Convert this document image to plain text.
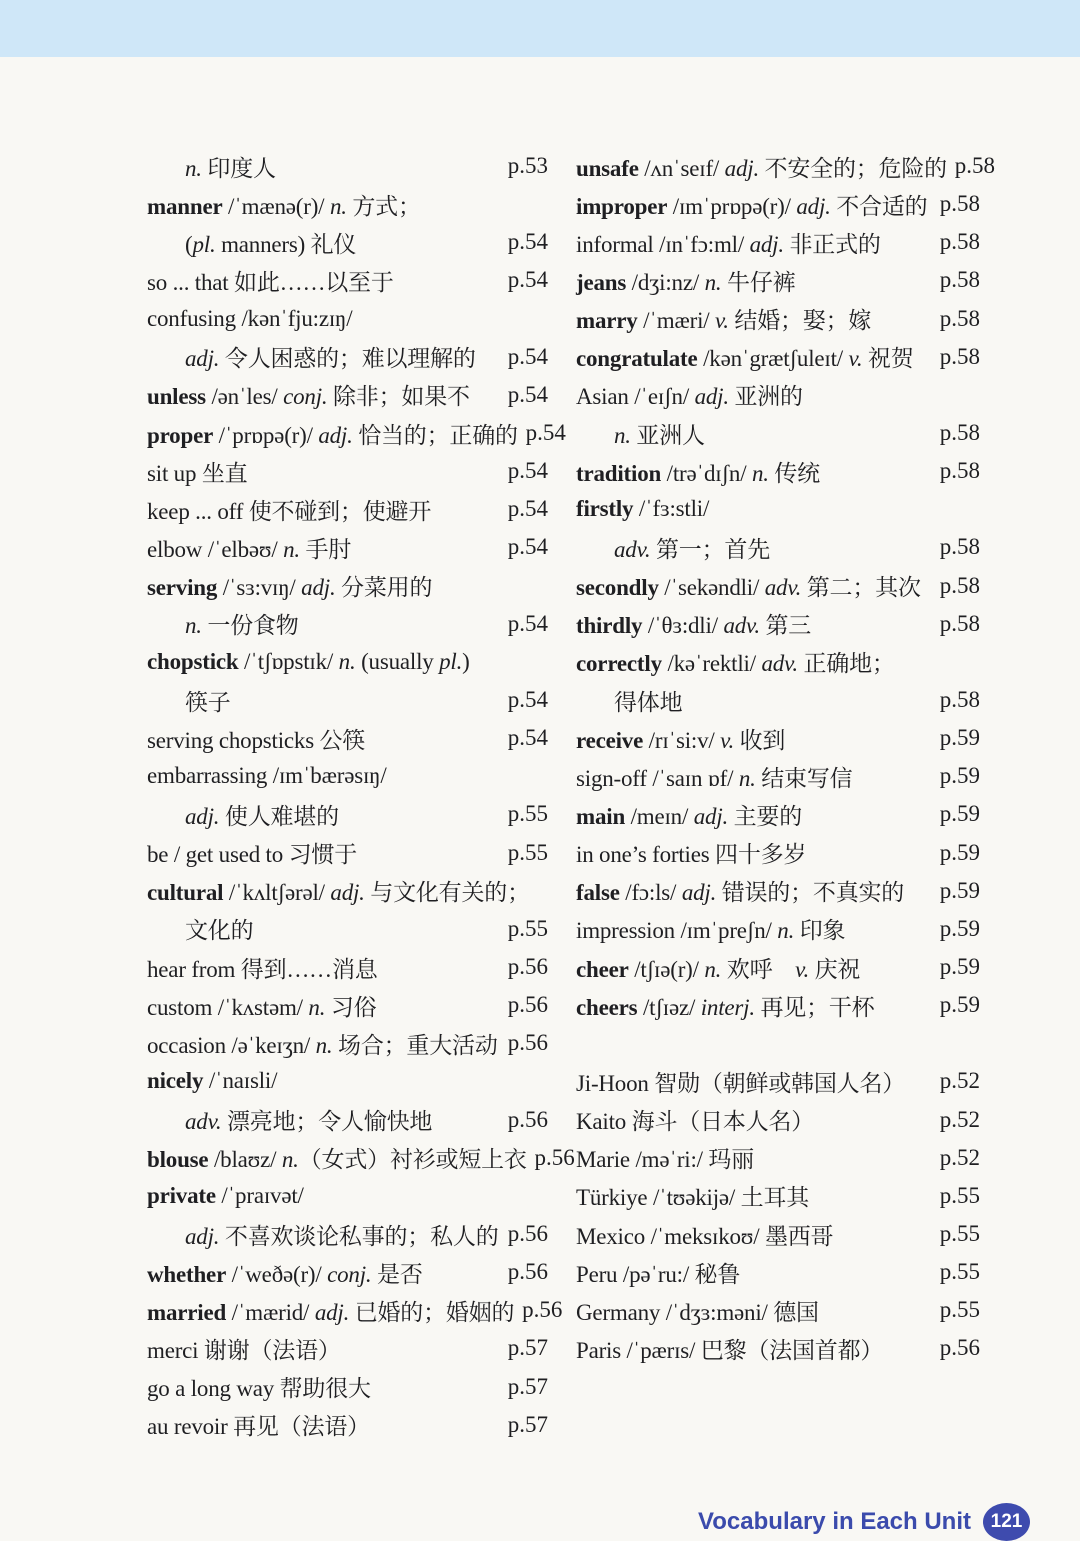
n. 印度人	p.53
manner /ˈmænə(r)/ n. 方式；
(pl. manners) 礼仪	p.54
so ... that 如此……以至于	p.54
confusing /kənˈfju:zɪŋ/
adj. 令人困惑的；难以理解的	p.54
unless /ənˈles/ conj. 除非；如果不	p.54
proper /ˈprɒpə(r)/ adj. 恰当的；正确的 p.54
sit up 坐直	p.54
keep ... off 使不碰到；使避开	p.54
elbow /ˈelbəʊ/ n. 手肘	p.54
serving /ˈsɜ:vɪŋ/ adj. 分菜用的
n. 一份食物	p.54
chopstick /ˈtʃɒpstɪk/ n. (usually pl.)
筷子	p.54
serving chopsticks 公筷	p.54
embarrassing /ɪmˈbærəsɪŋ/
adj. 使人难堪的	p.55
be / get used to 习惯于	p.55
cultural /ˈkʌltʃərəl/ adj. 与文化有关的；
文化的	p.55
hear from 得到……消息	p.56
custom /ˈkʌstəm/ n. 习俗	p.56
occasion /əˈkeɪʒn/ n. 场合；重大活动 p.56
nicely /ˈnaɪsli/
adv. 漂亮地；令人愉快地	p.56
blouse /blaʊz/ n.（女式）衬衫或短上衣 p.56
private /ˈpraɪvət/
adj. 不喜欢谈论私事的；私人的 p.56
whether /ˈweðə(r)/ conj. 是否	p.56
married /ˈmærid/ adj. 已婚的；婚姻的 p.56
merci 谢谢（法语）	p.57
go a long way 帮助很大	p.57
au revoir 再见（法语）	p.57
unsafe /ʌnˈseɪf/ adj. 不安全的；危险的 p.58
improper /ɪmˈprɒpə(r)/ adj. 不合适的 p.58
informal /ɪnˈfɔ:ml/ adj. 非正式的	p.58
jeans /dʒi:nz/ n. 牛仔裤	p.58
marry /ˈmæri/ v. 结婚；娶；嫁	p.58
congratulate /kənˈgrætʃuleɪt/ v. 祝贺	p.58
Asian /ˈeɪʃn/ adj. 亚洲的
n. 亚洲人	p.58
tradition /trəˈdɪʃn/ n. 传统	p.58
firstly /ˈfɜ:stli/
adv. 第一；首先	p.58
secondly /ˈsekəndli/ adv. 第二；其次 p.58
thirdly /ˈθɜ:dli/ adv. 第三	p.58
correctly /kəˈrektli/ adv. 正确地；
得体地	p.58
receive /rɪˈsi:v/ v. 收到	p.59
sign-off /ˈsaɪn ɒf/ n. 结束写信	p.59
main /meɪn/ adj. 主要的	p.59
in one’s forties 四十多岁	p.59
false /fɔ:ls/ adj. 错误的；不真实的	p.59
impression /ɪmˈpreʃn/ n. 印象	p.59
cheer /tʃɪə(r)/ n. 欢呼　v. 庆祝	p.59
cheers /tʃɪəz/ interj. 再见；干杯	p.59
Ji-Hoon 智勋（朝鲜或韩国人名）	p.52
Kaito 海斗（日本人名）	p.52
Marie /məˈri:/ 玛丽	p.52
Türkiye /ˈtʊəkijə/ 土耳其	p.55
Mexico /ˈmeksɪkoʊ/ 墨西哥	p.55
Peru /pəˈru:/ 秘鲁	p.55
Germany /ˈdʒɜ:məni/ 德国	p.55
Paris /ˈpærɪs/ 巴黎（法国首都）	p.56
Vocabulary in Each Unit 121
